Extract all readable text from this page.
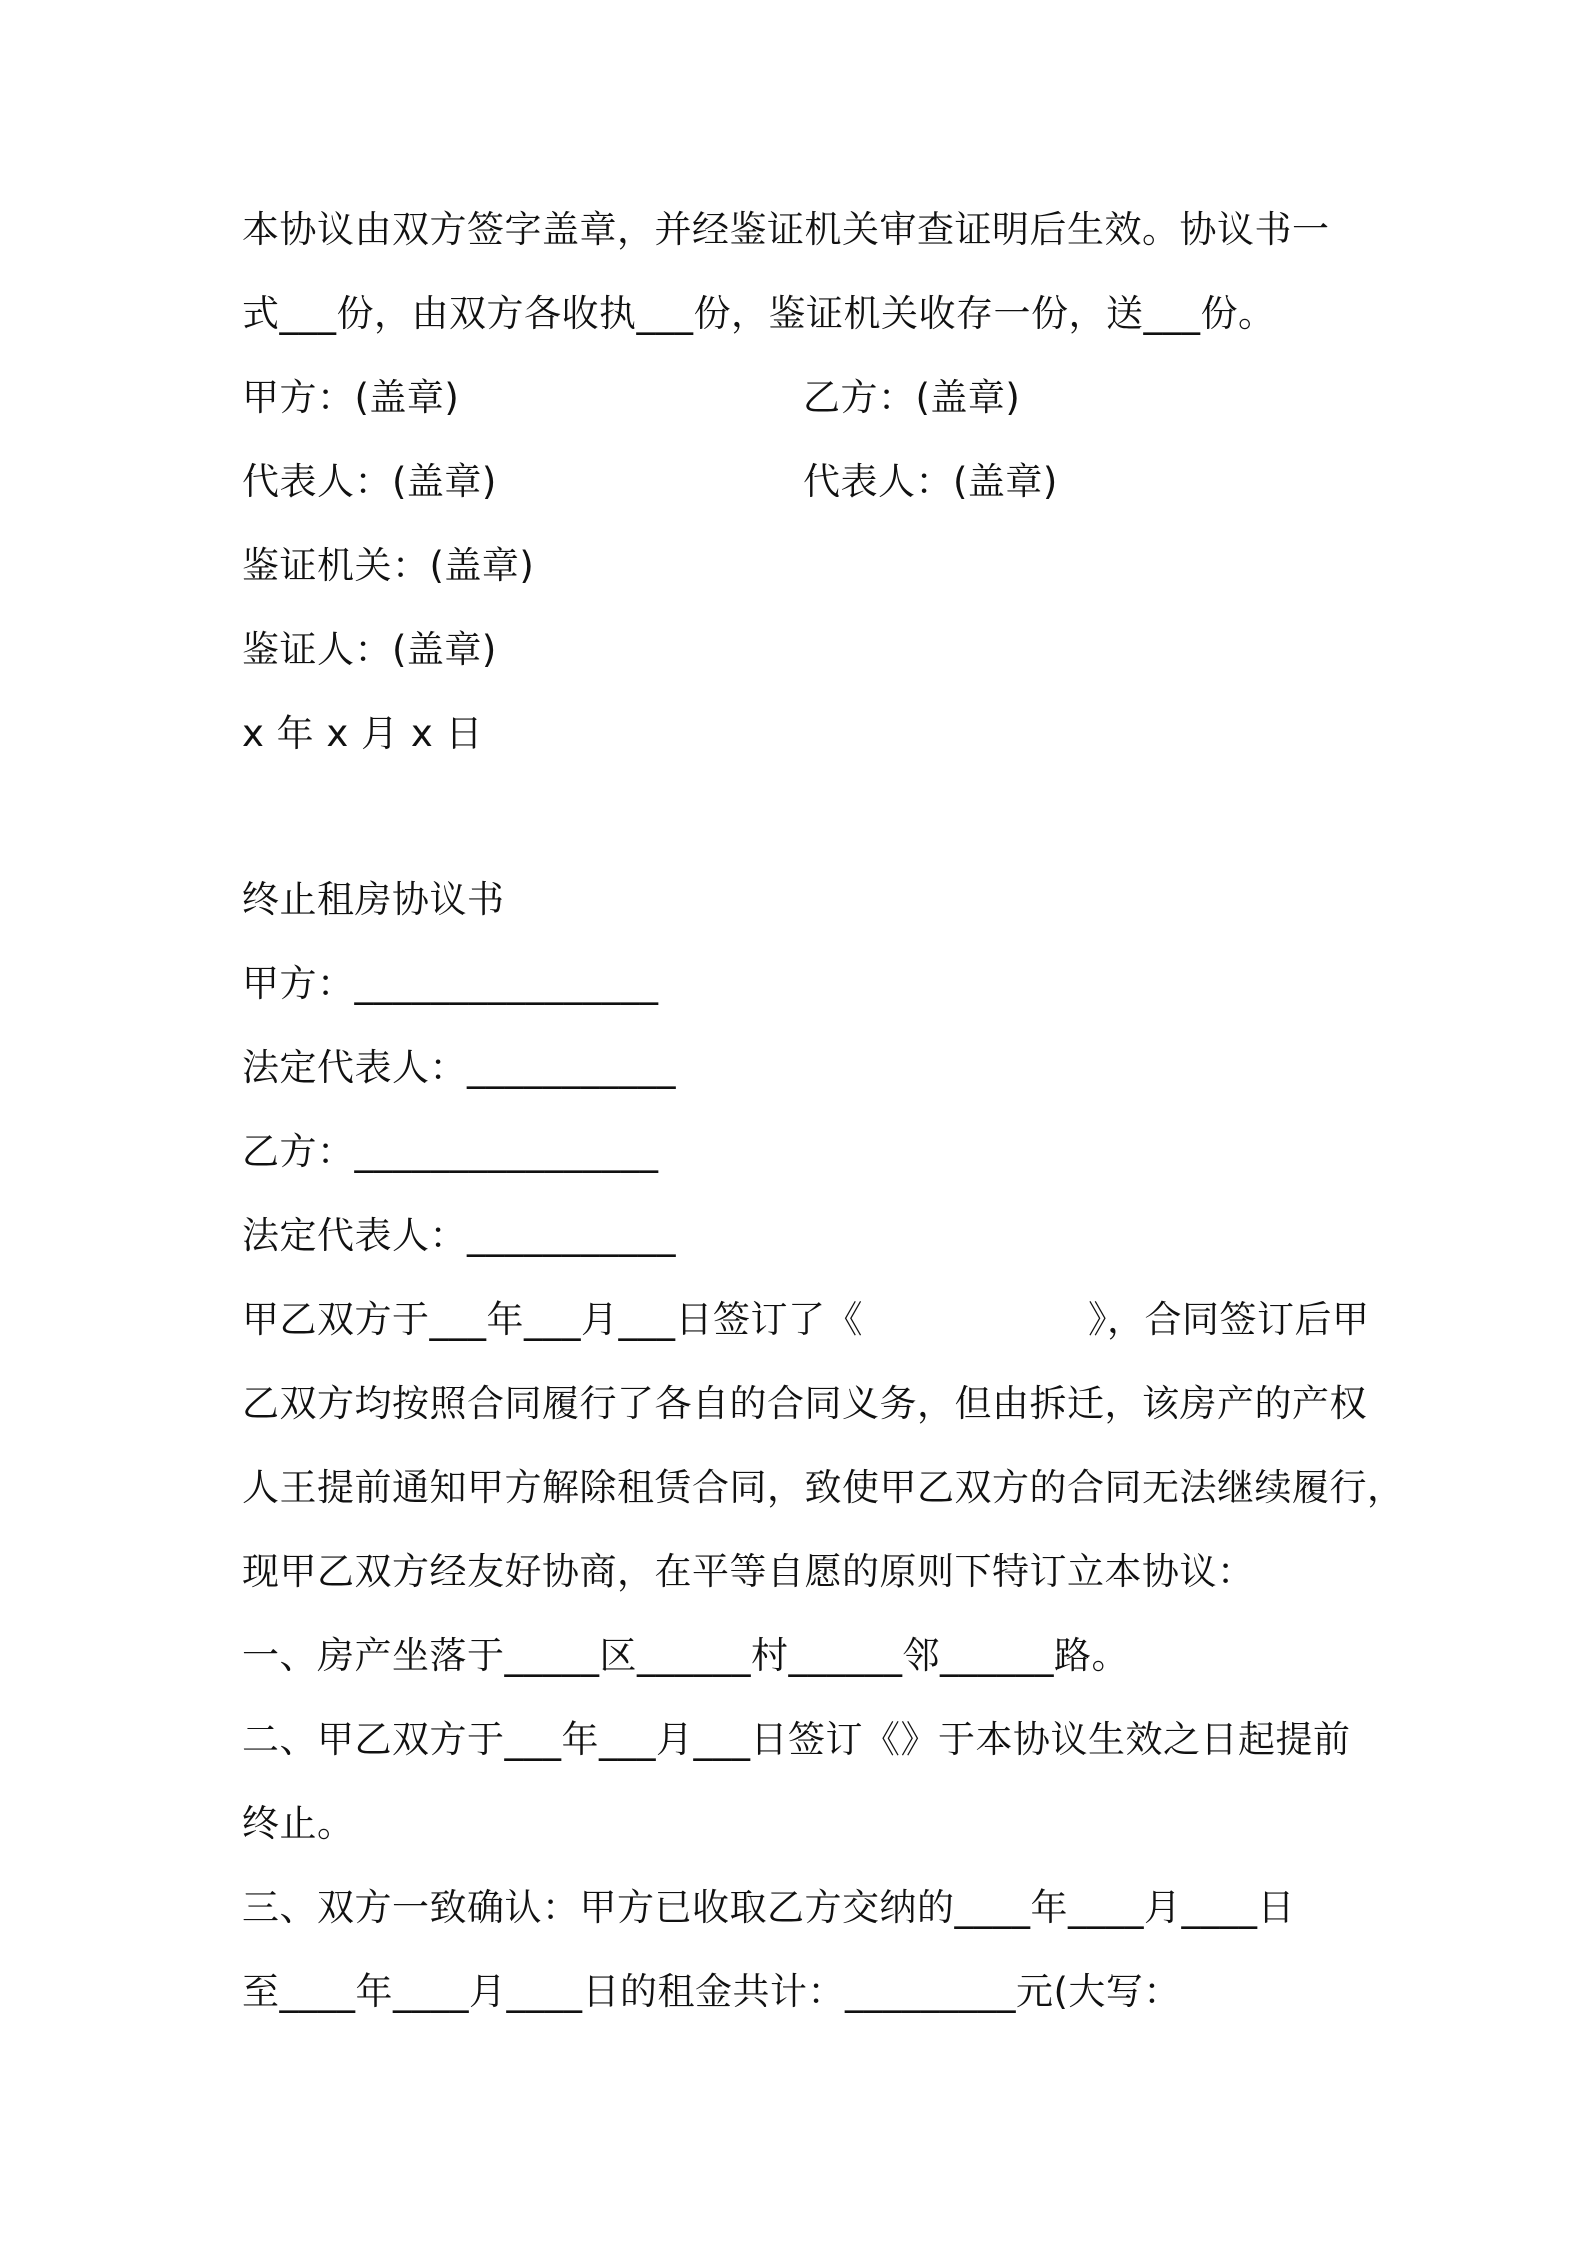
本协议由双方签字盖章，并经鉴证机关审查证明后生效。协议书一
式___份，由双方各收执___份，鉴证机关收存一份，送___份。
甲方：(盖章)	乙方：(盖章)
代表人：(盖章)	代表人：(盖章)
鉴证机关：(盖章)
鉴证人：(盖章)
x 年 x 月 x 日
终止租房协议书
甲方：________________
法定代表人：___________
乙方：________________
法定代表人：___________
甲乙双方于___年___月___日签订了《　　　　　　》，合同签订后甲
乙双方均按照合同履行了各自的合同义务，但由拆迁，该房产的产权
人王提前通知甲方解除租赁合同，致使甲乙双方的合同无法继续履行，
现甲乙双方经友好协商，在平等自愿的原则下特订立本协议：
一、房产坐落于_____区______村______邻______路。
二、甲乙双方于___年___月___日签订《》于本协议生效之日起提前
终止。
三、双方一致确认：甲方已收取乙方交纳的____年____月____日
至____年____月____日的租金共计：_________元(大写：
